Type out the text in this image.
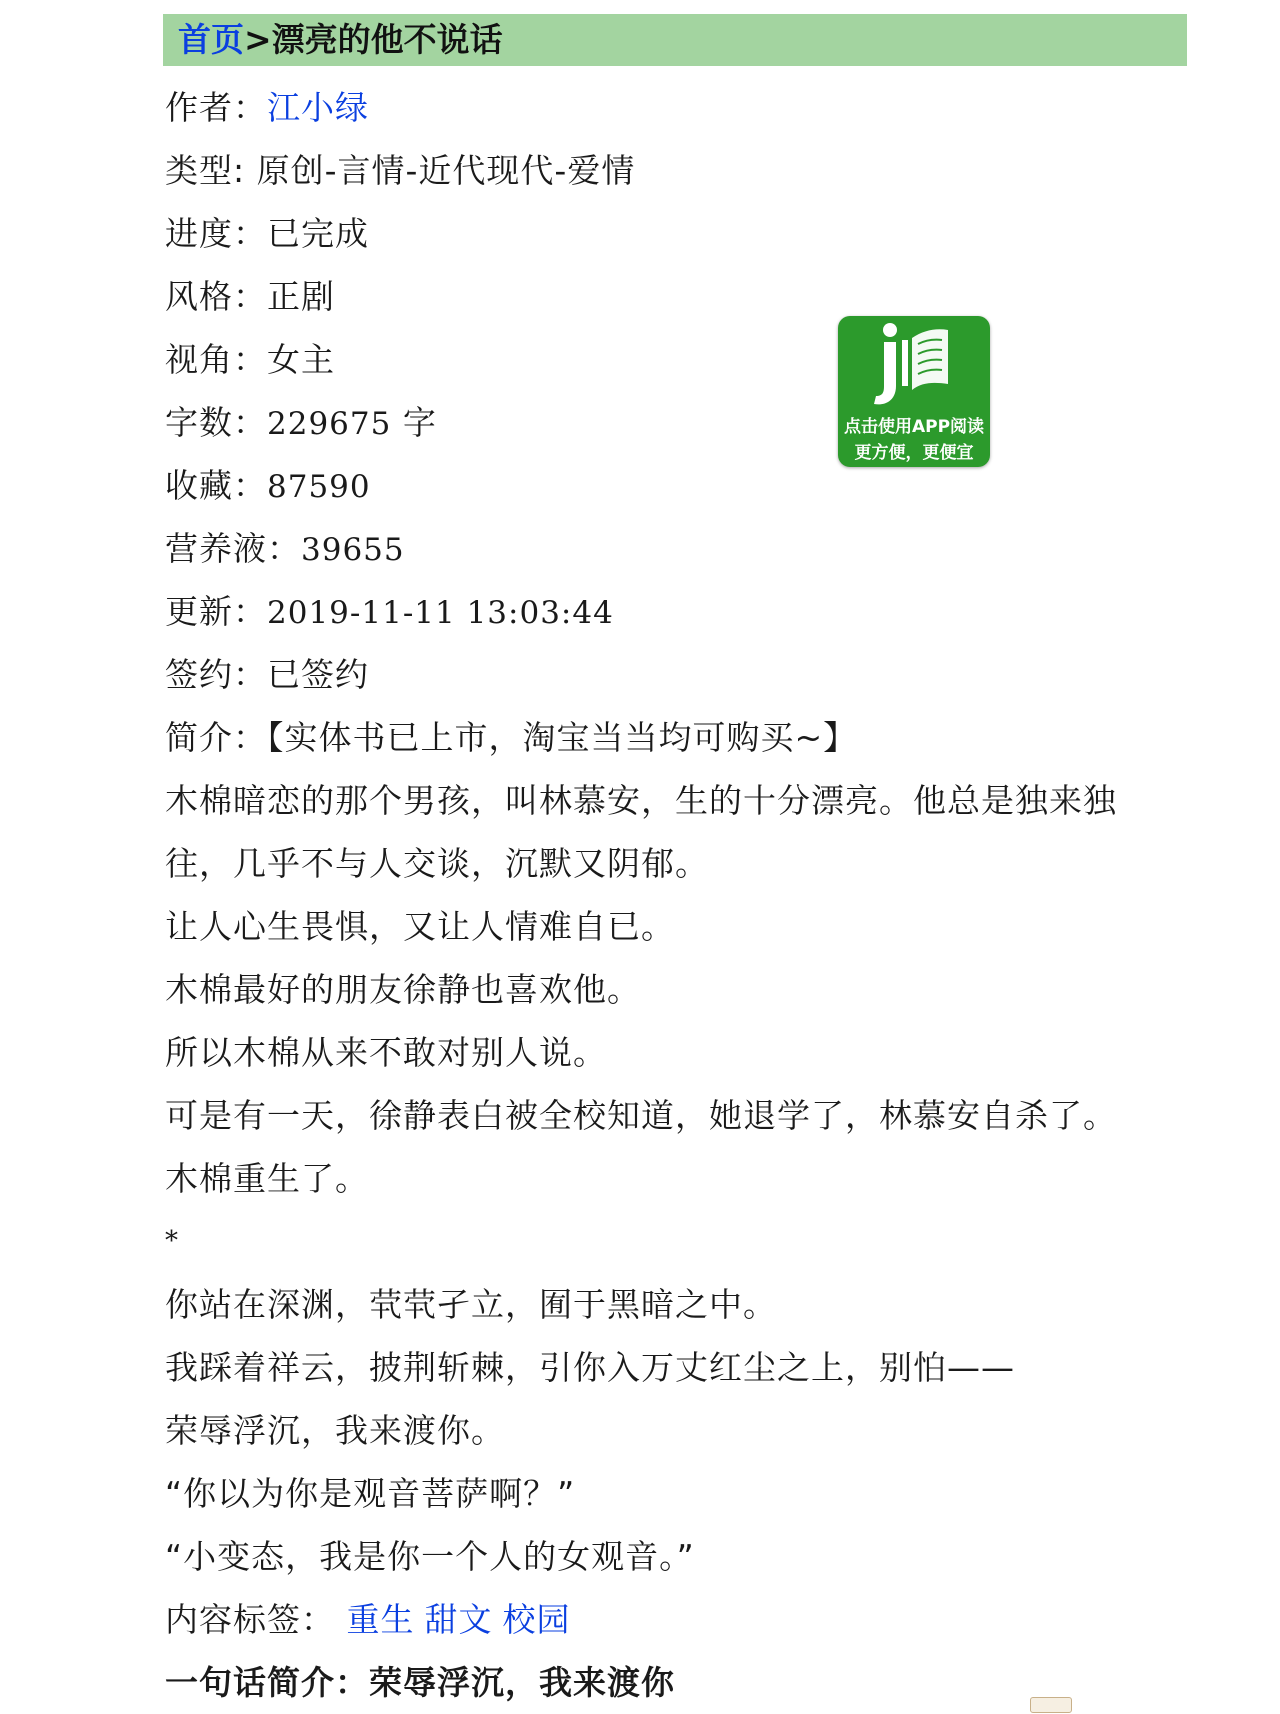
首页>漂亮的他不说话
作者：江小绿
类型: 原创-言情-近代现代-爱情
进度：已完成
风格：正剧
视角：女主
字数：229675 字
收藏：87590
营养液：39655
更新：2019-11-11 13:03:44
签约：已签约
简介：【实体书已上市，淘宝当当均可购买~】
木棉暗恋的那个男孩，叫林慕安，生的十分漂亮。他总是独来独
往，几乎不与人交谈，沉默又阴郁。
让人心生畏惧，又让人情难自已。
木棉最好的朋友徐静也喜欢他。
所以木棉从来不敢对别人说。
可是有一天，徐静表白被全校知道，她退学了，林慕安自杀了。
木棉重生了。
*
你站在深渊，茕茕孑立，囿于黑暗之中。
我踩着祥云，披荆斩棘，引你入万丈红尘之上，别怕——
荣辱浮沉，我来渡你。
“你以为你是观音菩萨啊？”
“小变态，我是你一个人的女观音。”
内容标签： 重生 甜文 校园
一句话简介：荣辱浮沉，我来渡你
点击使用APP阅读
更方便，更便宜
